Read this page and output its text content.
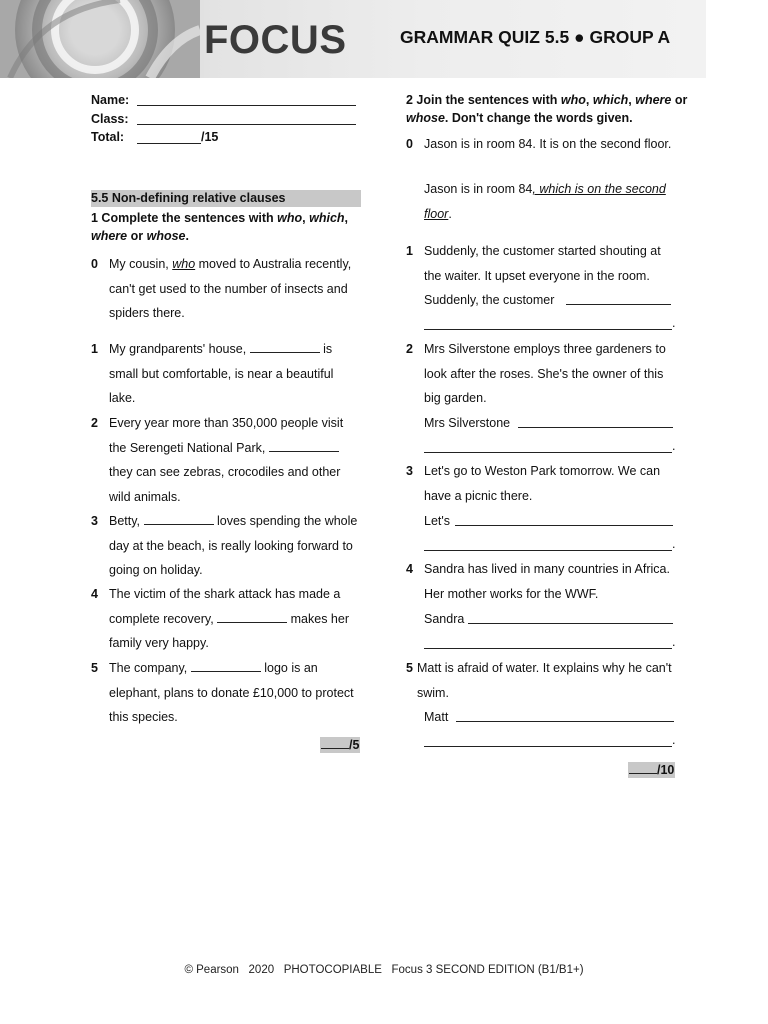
FOCUS	GRAMMAR QUIZ 5.5 ● GROUP A
Name:
Class:
Total:	/15
5.5 Non-defining relative clauses
1 Complete the sentences with who, which, where or whose.
0 My cousin, who moved to Australia recently, can't get used to the number of insects and spiders there.
1 My grandparents' house,	is small but comfortable, is near a beautiful lake.
2 Every year more than 350,000 people visit the Serengeti National Park,  they can see zebras, crocodiles and other wild animals.
3 Betty,	loves spending the whole day at the beach, is really looking forward to going on holiday.
4 The victim of the shark attack has made a complete recovery,	makes her family very happy.
5 The company,	logo is an elephant, plans to donate £10,000 to protect this species.
/5
2 Join the sentences with who, which, where or whose. Don't change the words given.
0 Jason is in room 84. It is on the second floor.
Jason is in room 84, which is on the second floor.
1 Suddenly, the customer started shouting at the waiter. It upset everyone in the room.
Suddenly, the customer
.
2 Mrs Silverstone employs three gardeners to look after the roses. She's the owner of this big garden.
Mrs Silverstone
.
3 Let's go to Weston Park tomorrow. We can have a picnic there.
Let's
.
4 Sandra has lived in many countries in Africa. Her mother works for the WWF.
Sandra
.
5 Matt is afraid of water. It explains why he can't swim.
Matt
.
/10
© Pearson   2020   PHOTOCOPIABLE   Focus 3 SECOND EDITION (B1/B1+)
